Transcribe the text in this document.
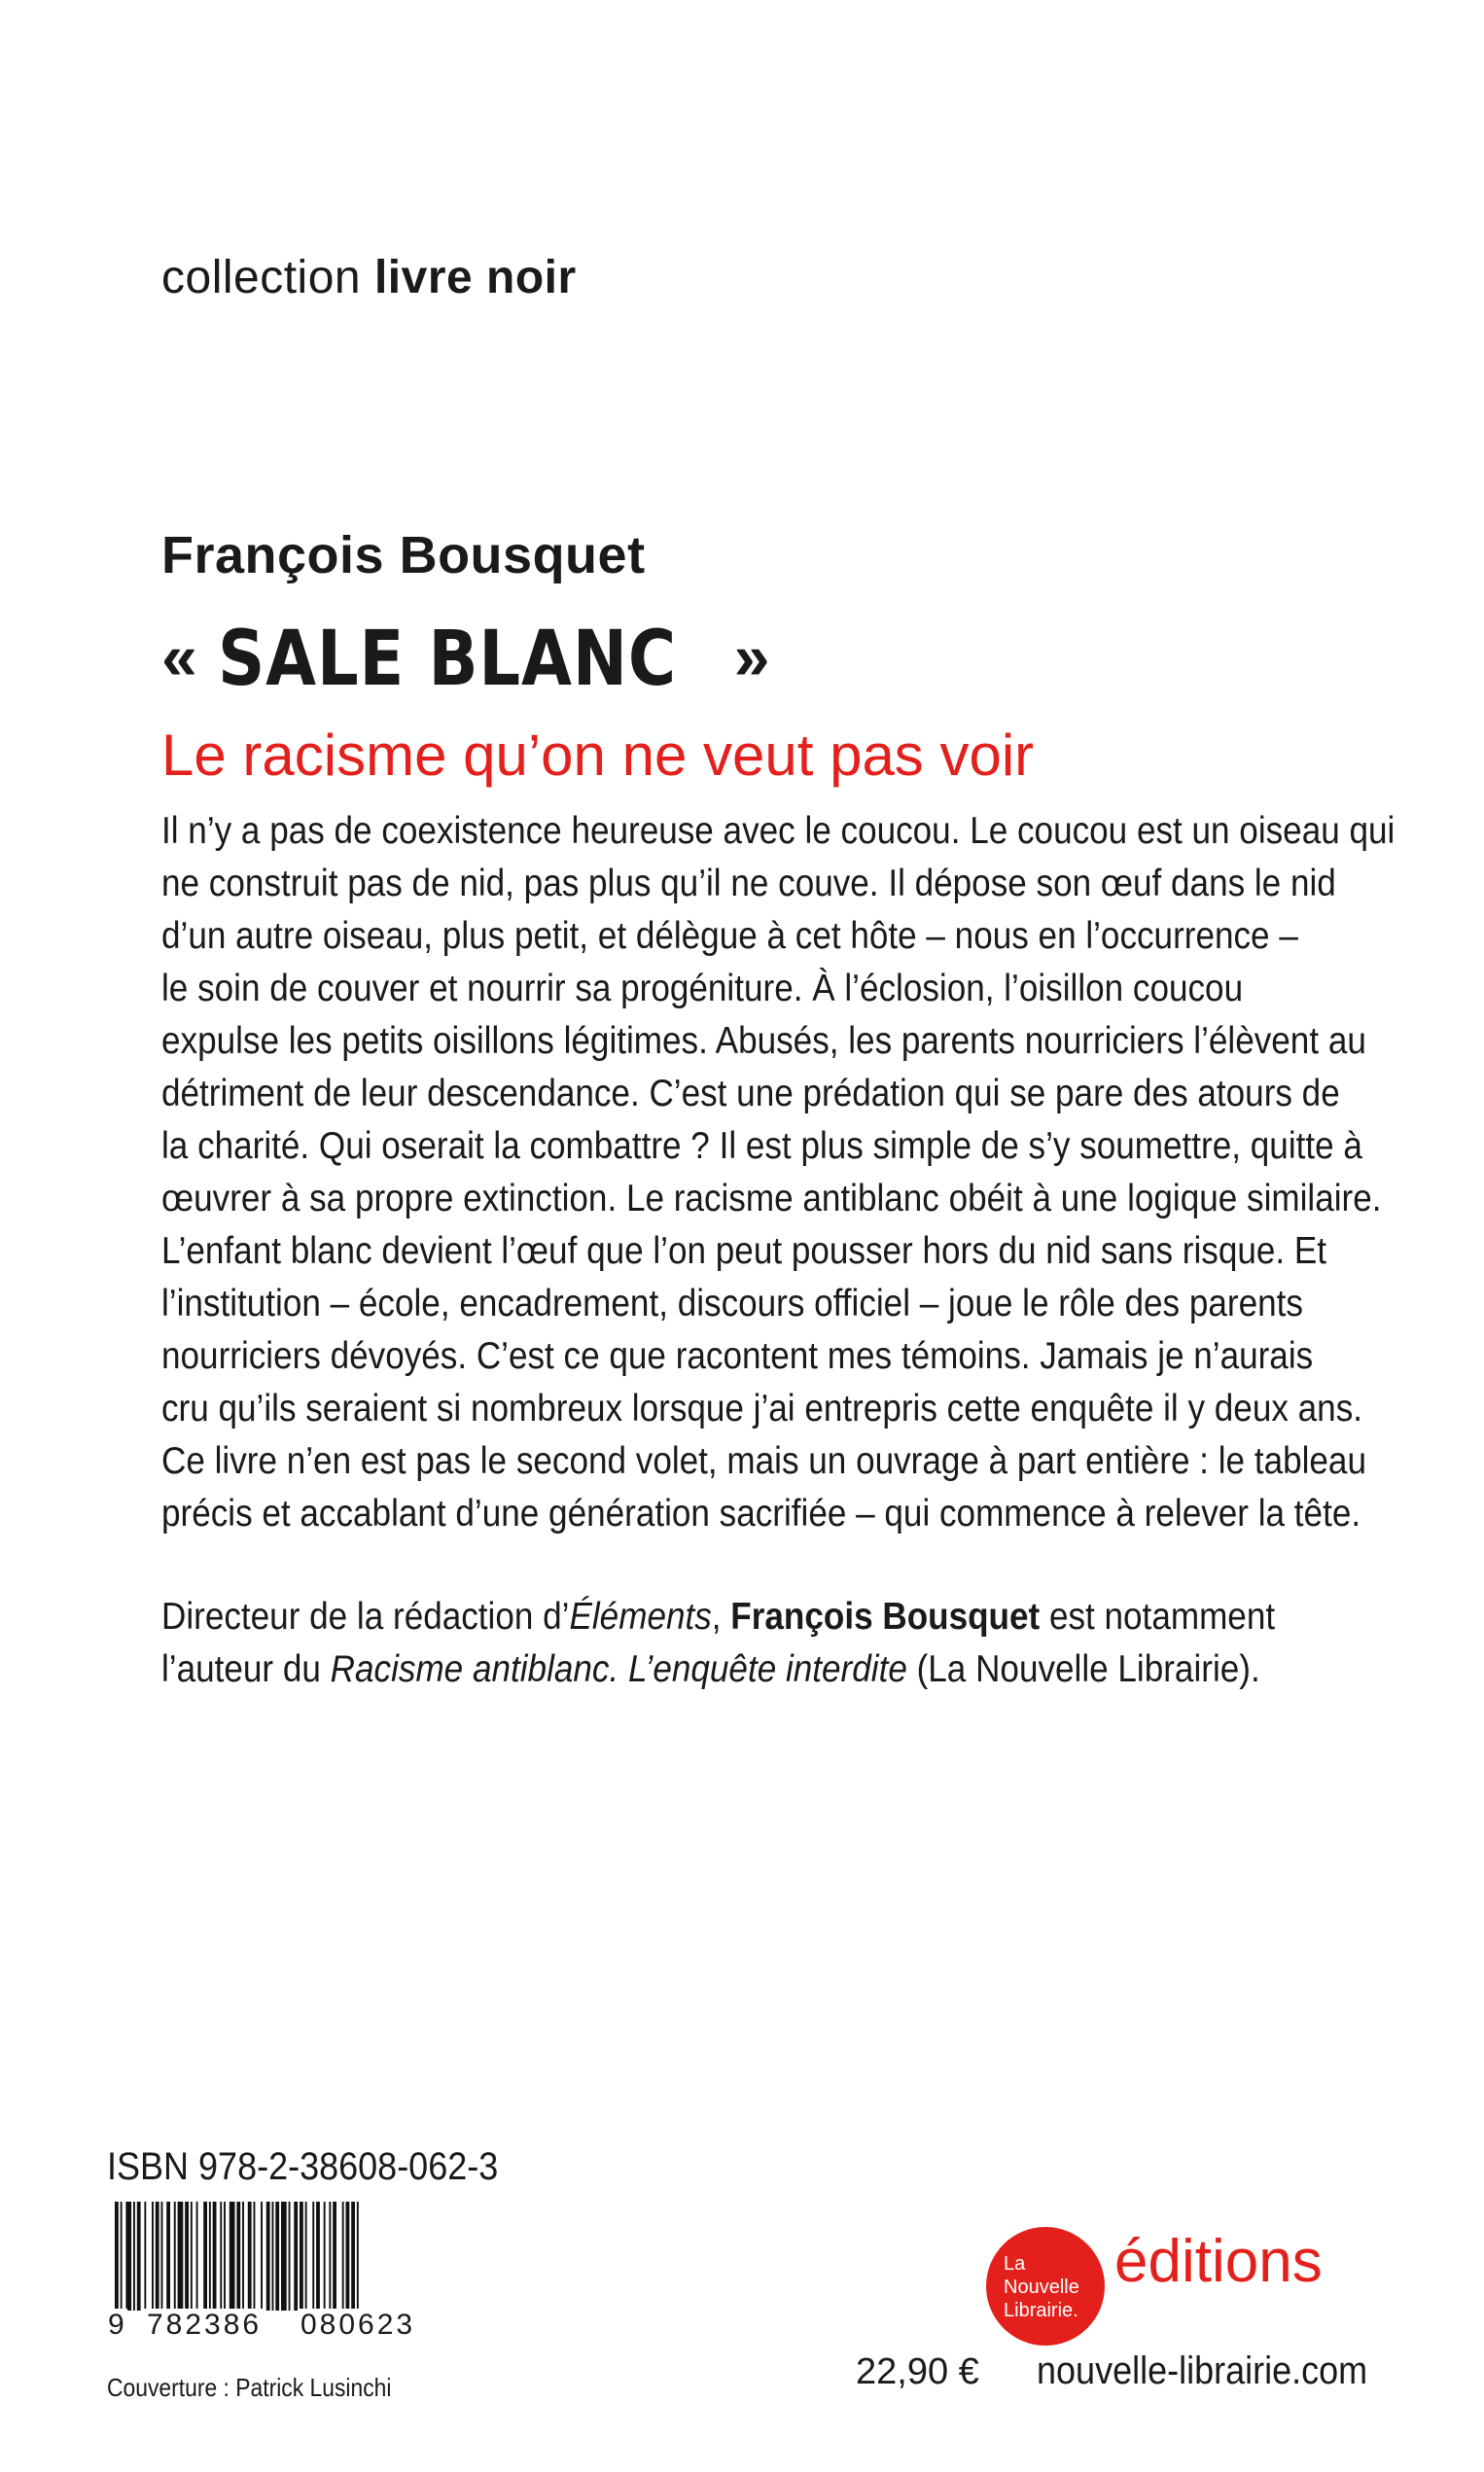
collection livre noir
François Bousquet
« SALE BLANC »
Le racisme qu’on ne veut pas voir
Il n’y a pas de coexistence heureuse avec le coucou. Le coucou est un oiseau qui
ne construit pas de nid, pas plus qu’il ne couve. Il dépose son œuf dans le nid
d’un autre oiseau, plus petit, et délègue à cet hôte – nous en l’occurrence –
le soin de couver et nourrir sa progéniture. À l’éclosion, l’oisillon coucou
expulse les petits oisillons légitimes. Abusés, les parents nourriciers l’élèvent au
détriment de leur descendance. C’est une prédation qui se pare des atours de
la charité. Qui oserait la combattre ? Il est plus simple de s’y soumettre, quitte à
œuvrer à sa propre extinction. Le racisme antiblanc obéit à une logique similaire.
L’enfant blanc devient l’œuf que l’on peut pousser hors du nid sans risque. Et
l’institution – école, encadrement, discours officiel – joue le rôle des parents
nourriciers dévoyés. C’est ce que racontent mes témoins. Jamais je n’aurais
cru qu’ils seraient si nombreux lorsque j’ai entrepris cette enquête il y deux ans.
Ce livre n’en est pas le second volet, mais un ouvrage à part entière : le tableau
précis et accablant d’une génération sacrifiée – qui commence à relever la tête.
Directeur de la rédaction d’Éléments, François Bousquet est notamment
l’auteur du Racisme antiblanc. L’enquête interdite (La Nouvelle Librairie).
ISBN 978-2-38608-062-3
9 782386 080623
Couverture : Patrick Lusinchi
La
Nouvelle
Librairie.
éditions
22,90 € nouvelle-librairie.com
